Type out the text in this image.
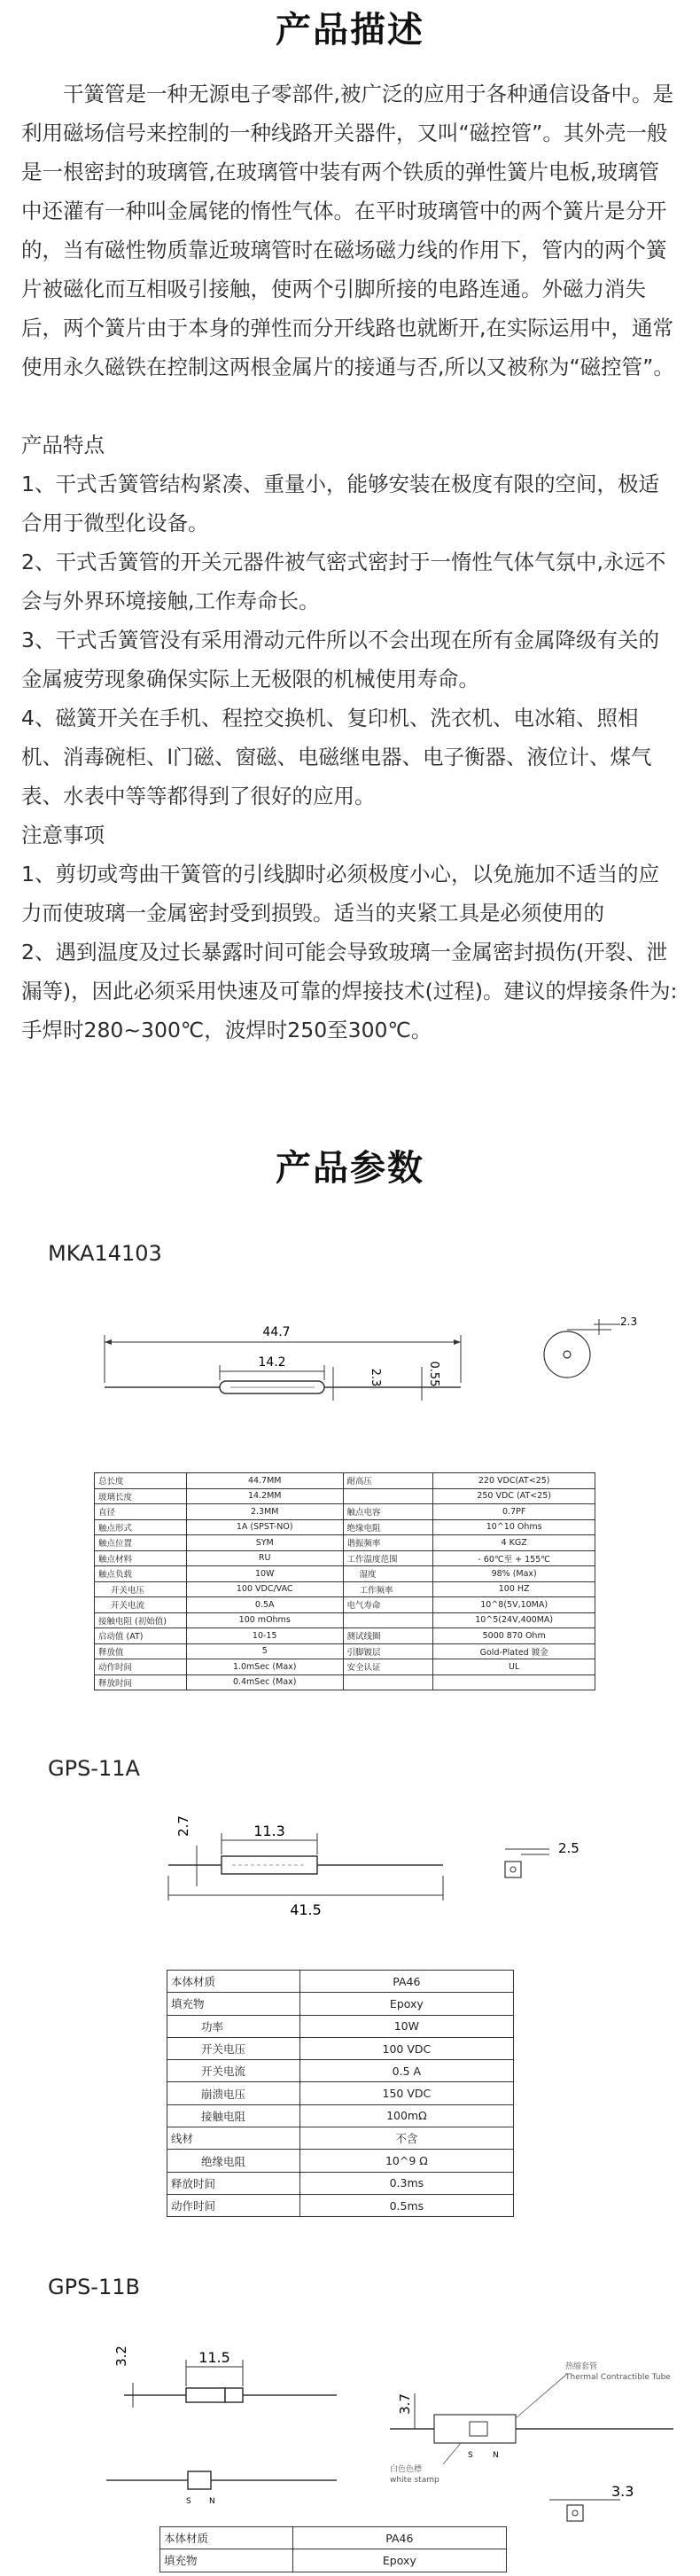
产品描述

干簧管是一种无源电子零部件,被广泛的应用于各种通信设备中。是利用磁场信号来控制的一种线路开关器件，又叫“磁控管”。其外壳一般是一根密封的玻璃管,在玻璃管中装有两个铁质的弹性簧片电板,玻璃管中还灌有一种叫金属铑的惰性气体。在平时玻璃管中的两个簧片是分开的，当有磁性物质靠近玻璃管时在磁场磁力线的作用下，管内的两个簧片被磁化而互相吸引接触，使两个引脚所接的电路连通。外磁力消失后，两个簧片由于本身的弹性而分开线路也就断开,在实际运用中，通常使用永久磁铁在控制这两根金属片的接通与否,所以又被称为“磁控管”。

产品特点

1、干式舌簧管结构紧凑、重量小，能够安装在极度有限的空间，极适合用于微型化设备。

2、干式舌簧管的开关元器件被气密式密封于一惰性气体气氛中,永远不会与外界环境接触,工作寿命长。

3、干式舌簧管没有采用滑动元件所以不会出现在所有金属降级有关的金属疲劳现象确保实际上无极限的机械使用寿命。

4、磁簧开关在手机、程控交换机、复印机、洗衣机、电冰箱、照相机、消毒碗柜、l门磁、窗磁、电磁继电器、电子衡器、液位计、煤气表、水表中等等都得到了很好的应用。

注意事项

1、剪切或弯曲干簧管的引线脚时必须极度小心，以免施加不适当的应力而使玻璃一金属密封受到损毁。适当的夹紧工具是必须使用的

2、遇到温度及过长暴露时间可能会导致玻璃一金属密封损伤(开裂、泄漏等)，因此必须采用快速及可靠的焊接技术(过程)。建议的焊接条件为:手焊时280~300℃，波焊时250至300℃。

产品参数
MKA14103
44.7
14.2
2.3	0.55
2.3
总长度	44.7MM	耐高压	220 VDC(AT<25)
玻璃长度	14.2MM		250 VDC (AT<25)
直径	2.3MM	触点电容	0.7PF
触点形式	1A (SPST-NO)	绝缘电阻	10^10 Ohms
触点位置	SYM	谐振频率	4 KGZ
触点材料	RU	工作温度范围	- 60℃至 + 155℃
触点负载	10W	湿度	98% (Max)
开关电压	100 VDC/VAC	工作频率	100 HZ
开关电流	0.5A	电气寿命	10^8(5V,10MA)
接触电阻 (初始值)	100 mOhms		10^5(24V,400MA)
启动值 (AT)	10-15	测试线圈	5000 870 Ohm
释放值	5	引脚镀层	Gold-Plated 镀金
动作时间	1.0mSec (Max)	安全认证	UL
释放时间	0.4mSec (Max)		
GPS-11A
11.3
2.7
41.5
2.5
本体材质	PA46
填充物	Epoxy
功率	10W
开关电压	100 VDC
开关电流	0.5 A
崩溃电压	150 VDC
接触电阻	100mΩ
线材	不含
绝缘电阻	10^9 Ω
释放时间	0.3ms
动作时间	0.5ms
GPS-11B
11.5
3.2
S N
3.7
热缩套管
Thermal Contractible Tube
白色色標
white stamp
S N
3.3
本体材质	PA46
填充物	Epoxy
